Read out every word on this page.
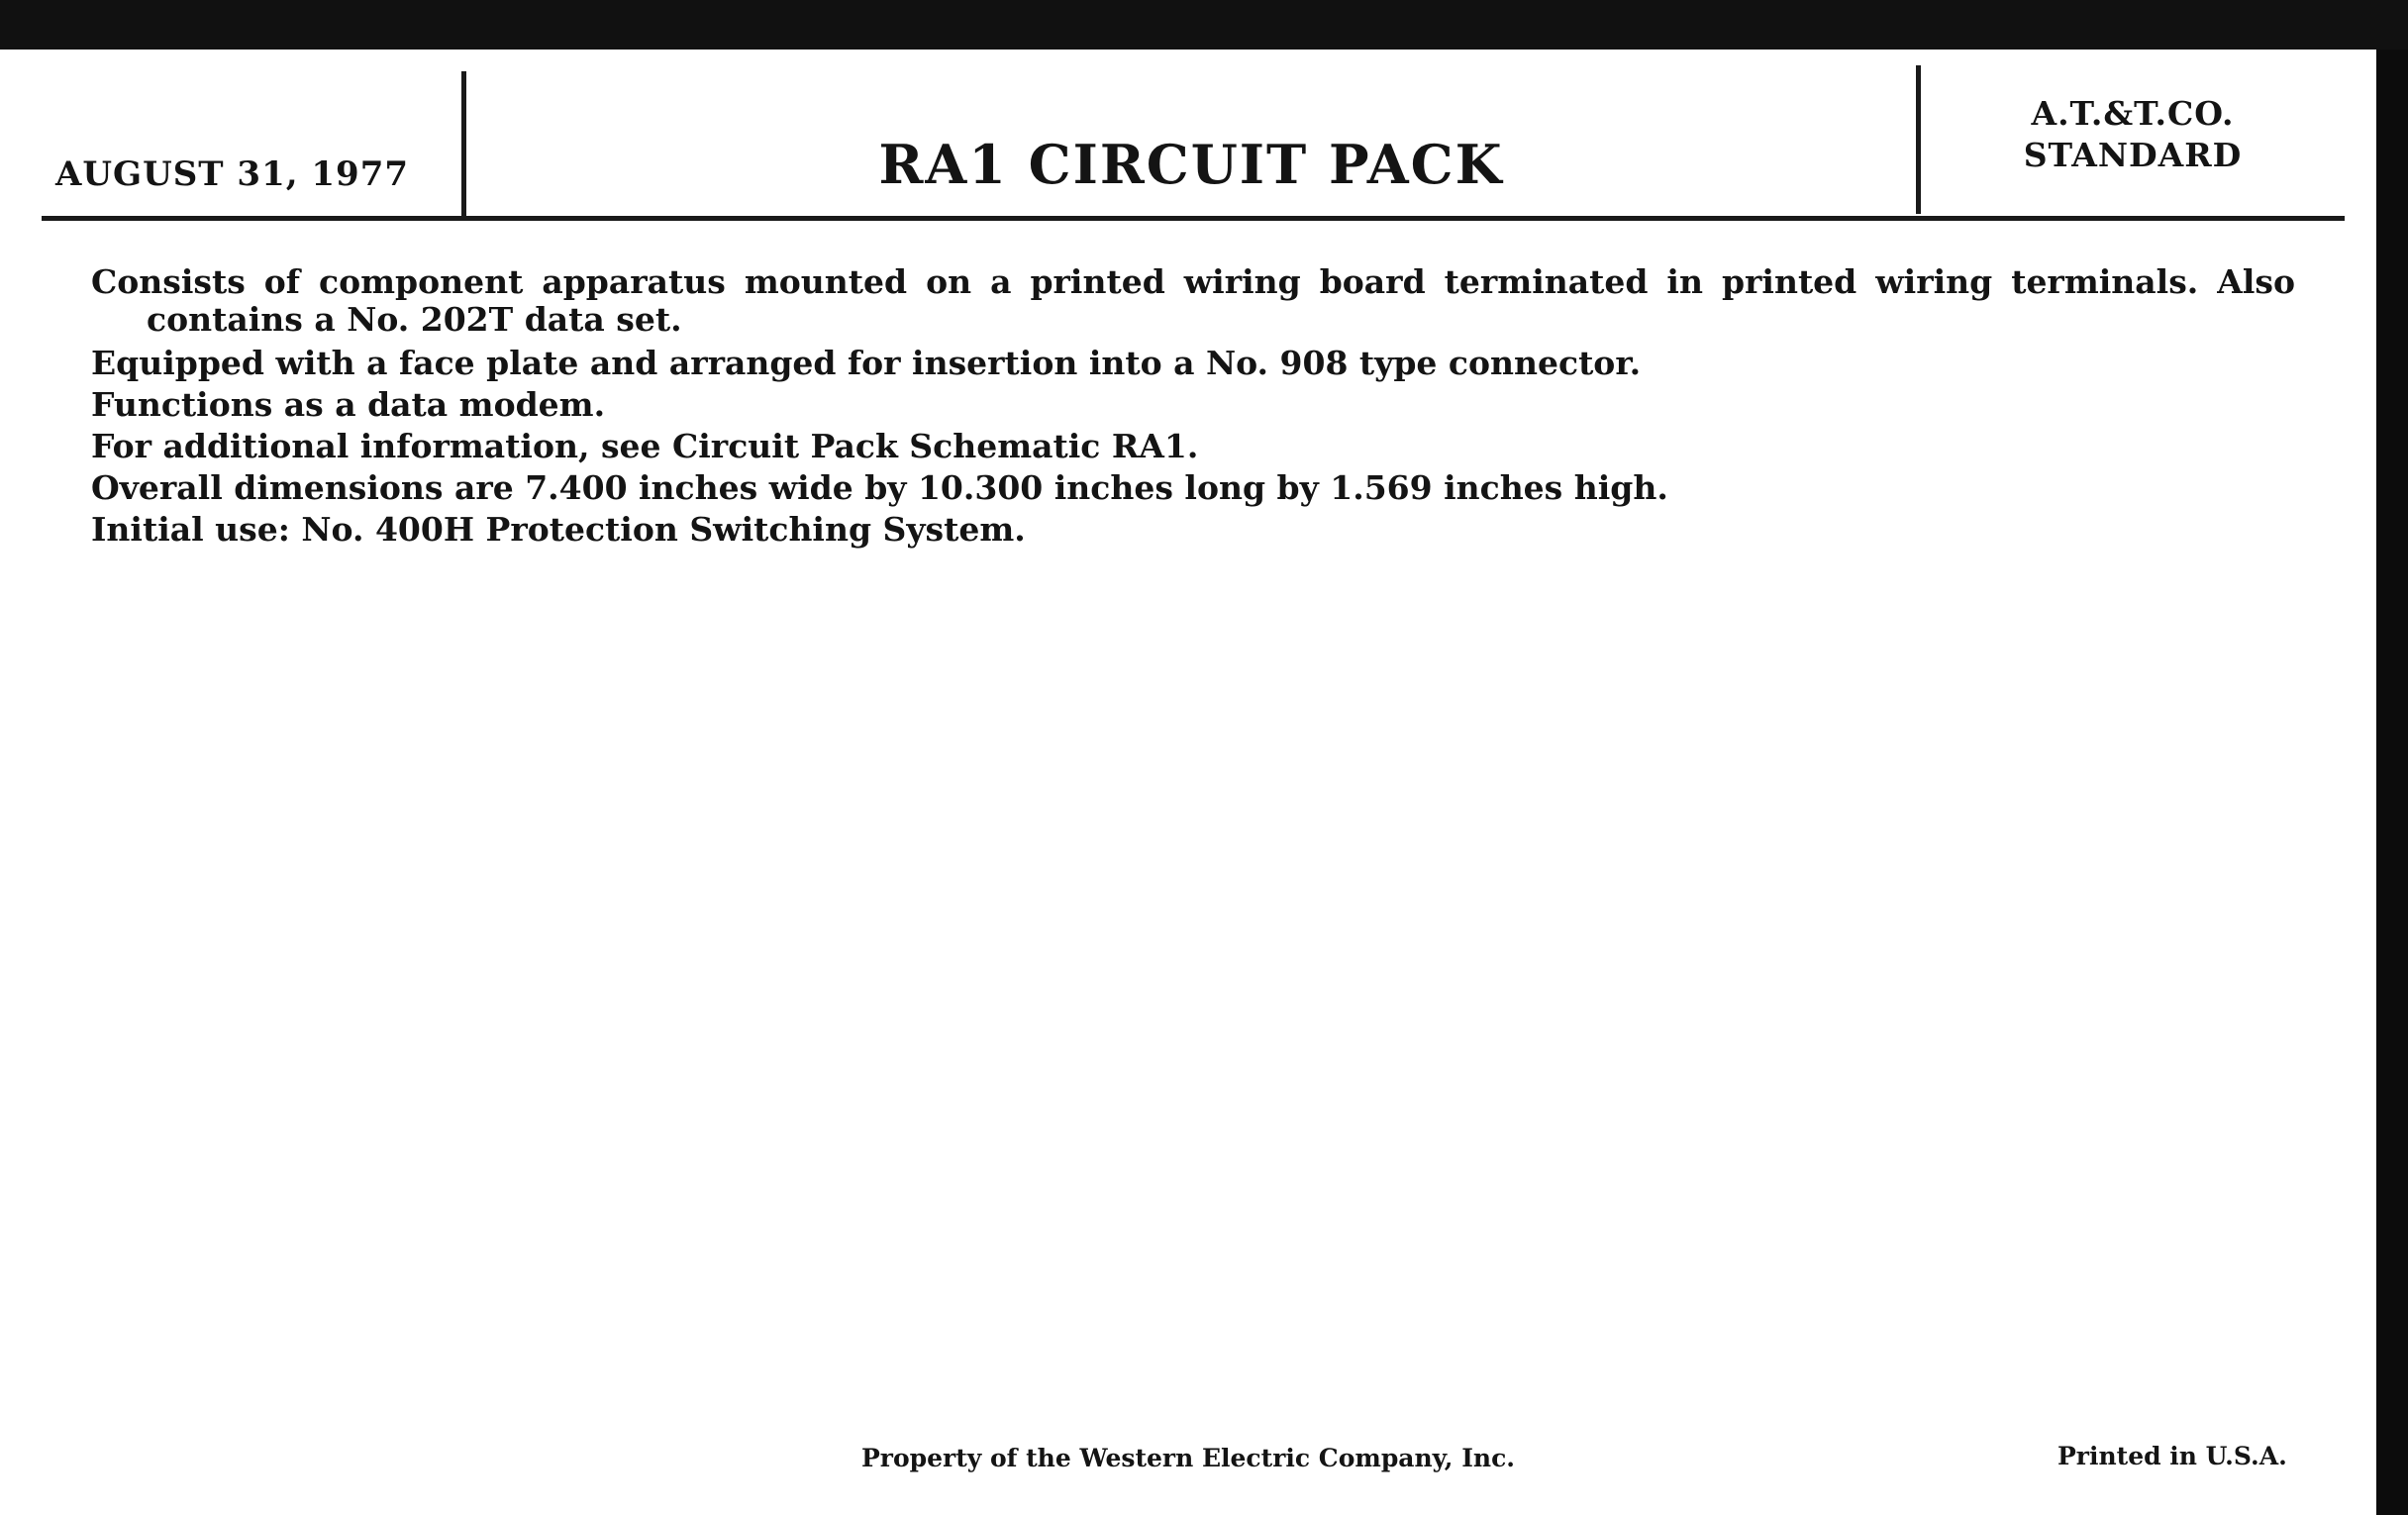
AUGUST 31, 1977	RA1 CIRCUIT PACK
A.T.&T.CO.
STANDARD

Consists of component apparatus mounted on a printed wiring board terminated in printed wiring terminals. Also contains a No. 202T data set.

Equipped with a face plate and arranged for insertion into a No. 908 type connector.

Functions as a data modem.

For additional information, see Circuit Pack Schematic RA1.

Overall dimensions are 7.400 inches wide by 10.300 inches long by 1.569 inches high.

Initial use: No. 400H Protection Switching System.

Property of the Western Electric Company, Inc.	Printed in U.S.A.
